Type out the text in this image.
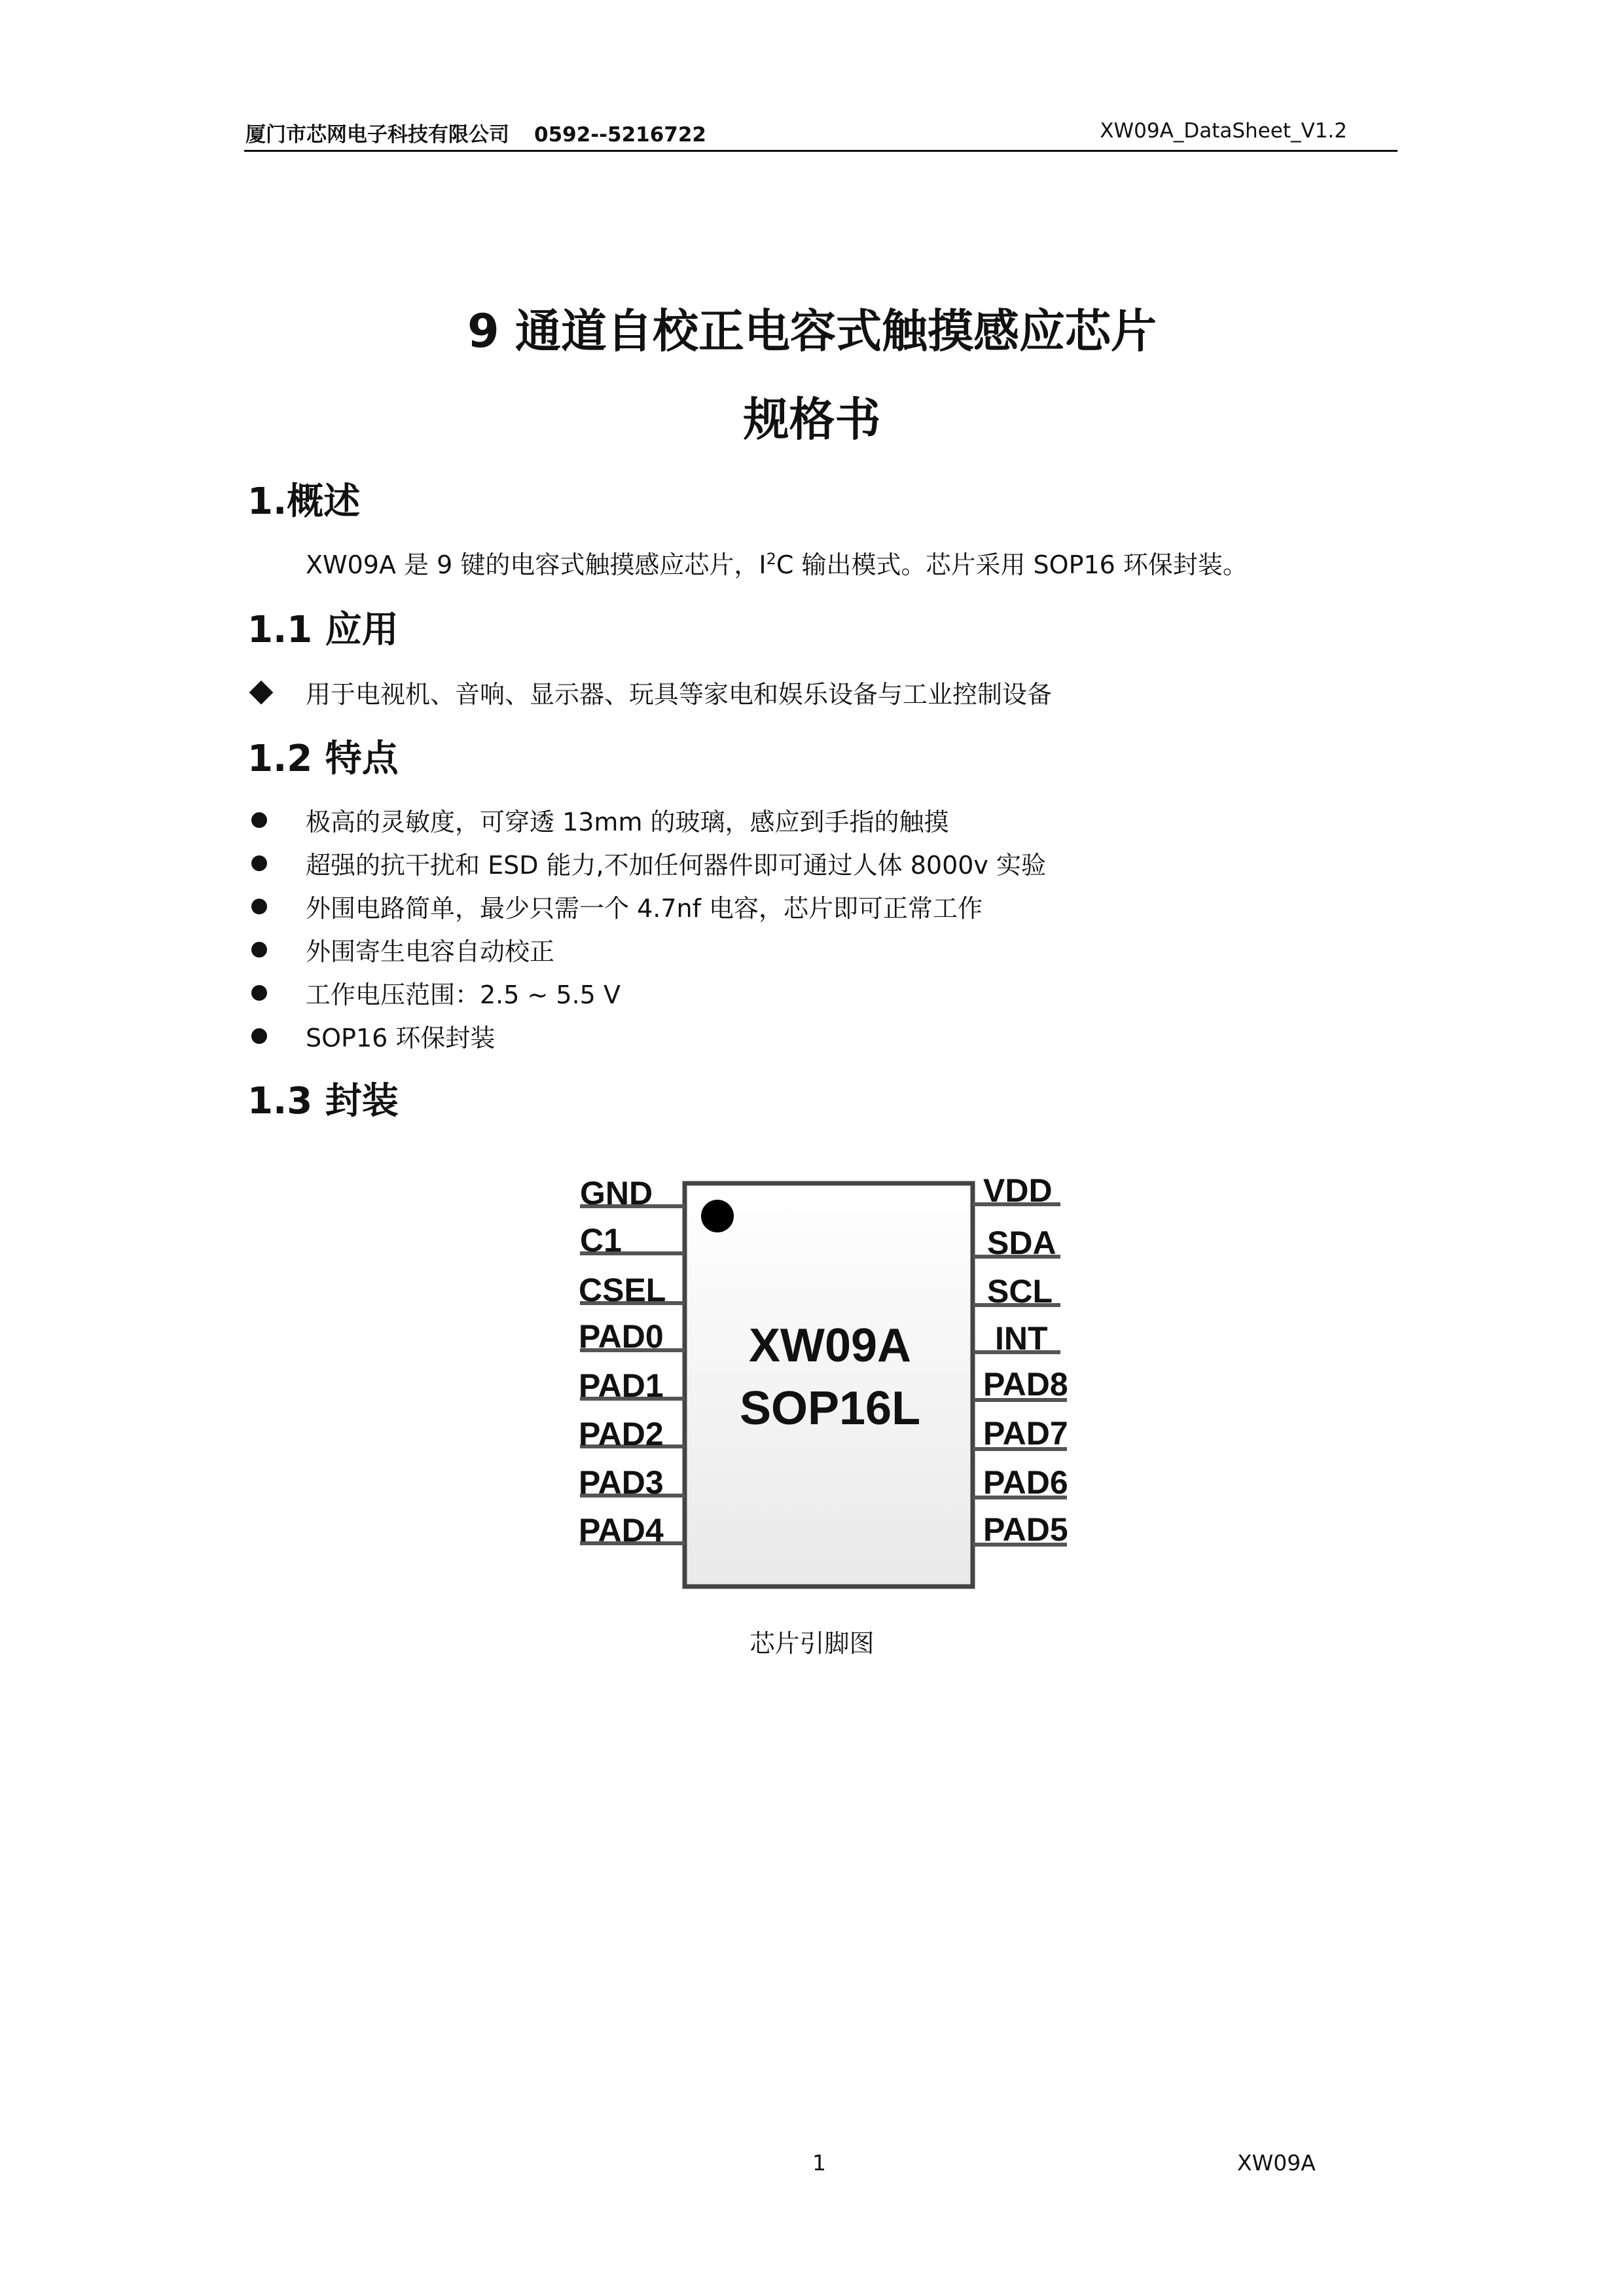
厦门市芯网电子科技有限公司 0592--5216722	XW09A_DataSheet_V1.2
9 通道自校正电容式触摸感应芯片
规格书
1.概述
XW09A 是 9 键的电容式触摸感应芯片，$I^2C$ 输出模式。芯片采用 SOP16 环保封装。
1.1 应用
用于电视机、音响、显示器、玩具等家电和娱乐设备与工业控制设备
1.2 特点
极高的灵敏度，可穿透 13mm 的玻璃，感应到手指的触摸
超强的抗干扰和 ESD 能力,不加任何器件即可通过人体 8000v 实验
外围电路简单，最少只需一个 4.7nf 电容，芯片即可正常工作
外围寄生电容自动校正
工作电压范围：2.5 ~ 5.5 V
SOP16 环保封装
1.3 封装
GND
C1
CSEL
PAD0
PAD1
PAD2
PAD3
PAD4
VDD
SDA
SCL
INT
PAD8
PAD7
PAD6
PAD5
XW09A
SOP16L
芯片引脚图
1	XW09A
